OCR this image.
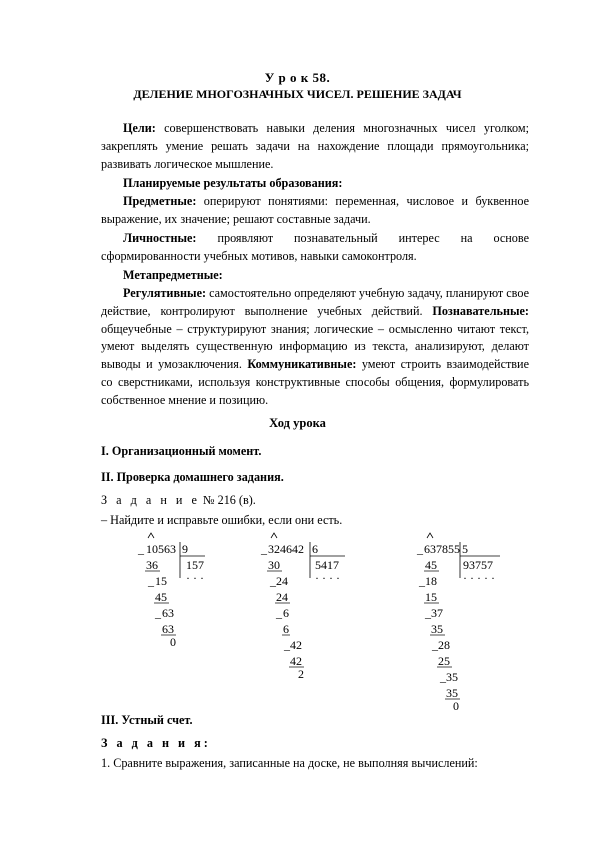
У р о к 58.
ДЕЛЕНИЕ МНОГОЗНАЧНЫХ ЧИСЕЛ. РЕШЕНИЕ ЗАДАЧ

Цели: совершенствовать навыки деления многозначных чисел уголком; закреплять умение решать задачи на нахождение площади прямоугольника; развивать логическое мышление.

Планируемые результаты образования:

Предметные: оперируют понятиями: переменная, числовое и буквенное выражение, их значение; решают составные задачи.

Личностные: проявляют познавательный интерес на основе сформированности учебных мотивов, навыки самоконтроля.

Метапредметные:

Регулятивные: самостоятельно определяют учебную задачу, планируют свое действие, контролируют выполнение учебных действий. Познавательные: общеучебные – структурируют знания; логические – осмысленно читают текст, умеют выделять существенную информацию из текста, анализируют, делают выводы и умозаключения. Коммуникативные: умеют строить взаимодействие со сверстниками, используя конструктивные способы общения, формулировать собственное мнение и позицию.

Ход урока
I. Организационный момент.
II. Проверка домашнего задания.
З а д а н и е № 216 (в).
– Найдите и исправьте ошибки, если они есть.
_ 10563 9
157
· · ·
36
_ 15
45
_ 63
63
0
_ 324642 6
5417
· · · ·
30
_ 24
24
_ 6
6
_ 42
42
2
_ 637855 5
93757
· · · · ·
45
_ 18
15
_ 37
35
_ 28
25
_ 35
35
0
III. Устный счет.
З а д а н и я:
1. Сравните выражения, записанные на доске, не выполняя вычислений:
